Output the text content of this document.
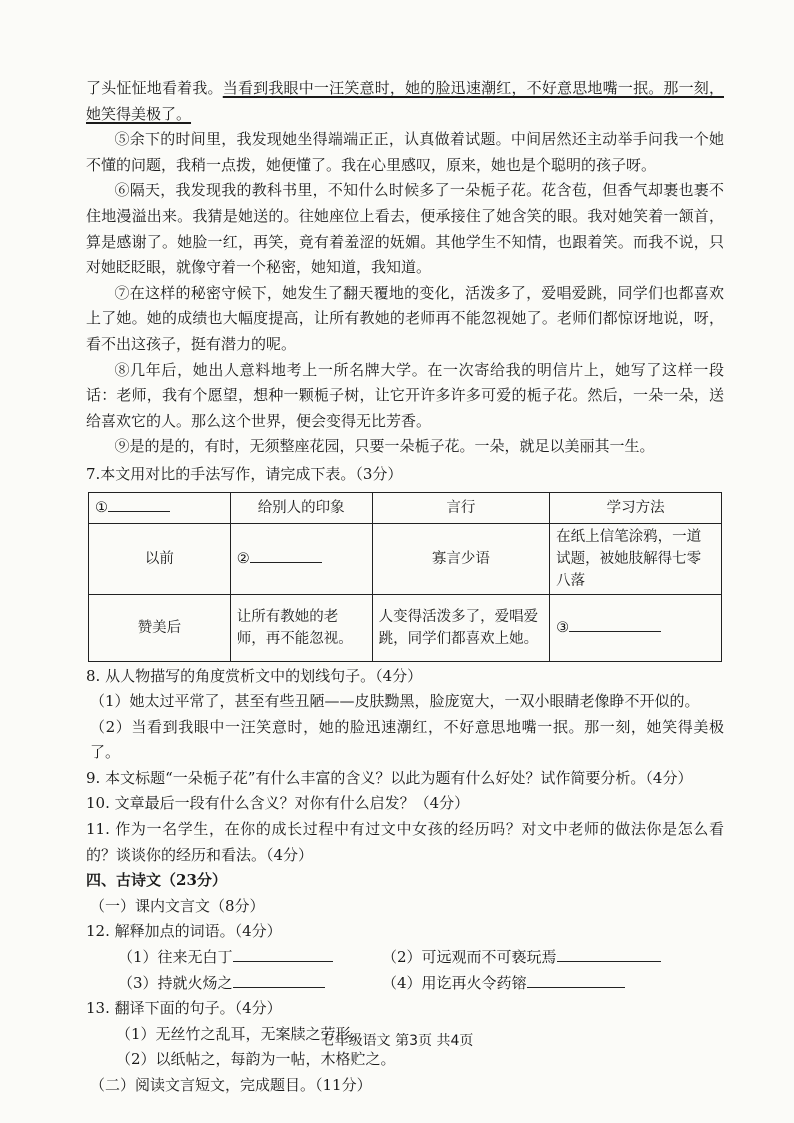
了头怔怔地看着我。当看到我眼中一汪笑意时，她的脸迅速潮红，不好意思地嘴一抿。那一刻，她笑得美极了。

⑤余下的时间里，我发现她坐得端端正正，认真做着试题。中间居然还主动举手问我一个她不懂的问题，我稍一点拨，她便懂了。我在心里感叹，原来，她也是个聪明的孩子呀。

⑥隔天，我发现我的教科书里，不知什么时候多了一朵栀子花。花含苞，但香气却裹也裹不住地漫溢出来。我猜是她送的。往她座位上看去，便承接住了她含笑的眼。我对她笑着一颔首，算是感谢了。她脸一红，再笑，竟有着羞涩的妩媚。其他学生不知情，也跟着笑。而我不说，只对她眨眨眼，就像守着一个秘密，她知道，我知道。

⑦在这样的秘密守候下，她发生了翻天覆地的变化，活泼多了，爱唱爱跳，同学们也都喜欢上了她。她的成绩也大幅度提高，让所有教她的老师再不能忽视她了。老师们都惊讶地说，呀，看不出这孩子，挺有潜力的呢。

⑧几年后，她出人意料地考上一所名牌大学。在一次寄给我的明信片上，她写了这样一段话：老师，我有个愿望，想种一颗栀子树，让它开许多许多可爱的栀子花。然后，一朵一朵，送给喜欢它的人。那么这个世界，便会变得无比芳香。

⑨是的是的，有时，无须整座花园，只要一朵栀子花。一朵，就足以美丽其一生。

7.本文用对比的手法写作，请完成下表。（3分）

①	给别人的印象	言行	学习方法
以前	②	寡言少语	在纸上信笔涂鸦，一道试题，被她肢解得七零八落
赞美后	让所有教她的老师，再不能忽视。	人变得活泼多了，爱唱爱跳，同学们都喜欢上她。	③

8. 从人物描写的角度赏析文中的划线句子。（4分）

（1）她太过平常了，甚至有些丑陋——皮肤黝黑，脸庞宽大，一双小眼睛老像睁不开似的。

（2）当看到我眼中一汪笑意时，她的脸迅速潮红，不好意思地嘴一抿。那一刻，她笑得美极了。

9. 本文标题“一朵栀子花”有什么丰富的含义？以此为题有什么好处？试作简要分析。（4分）

10. 文章最后一段有什么含义？对你有什么启发？（4分）

11. 作为一名学生，在你的成长过程中有过文中女孩的经历吗？对文中老师的做法你是怎么看的？谈谈你的经历和看法。（4分）

四、古诗文（23分）

（一）课内文言文（8分）

12. 解释加点的词语。（4分）

（1）往来无白丁	（2）可远观而不可亵玩焉

（3）持就火炀之	（4）用讫再火令药镕

13. 翻译下面的句子。（4分）

（1）无丝竹之乱耳，无案牍之劳形。

（2）以纸帖之，每韵为一帖，木格贮之。

（二）阅读文言短文，完成题目。（11分）

七年级语文 第3页 共4页
